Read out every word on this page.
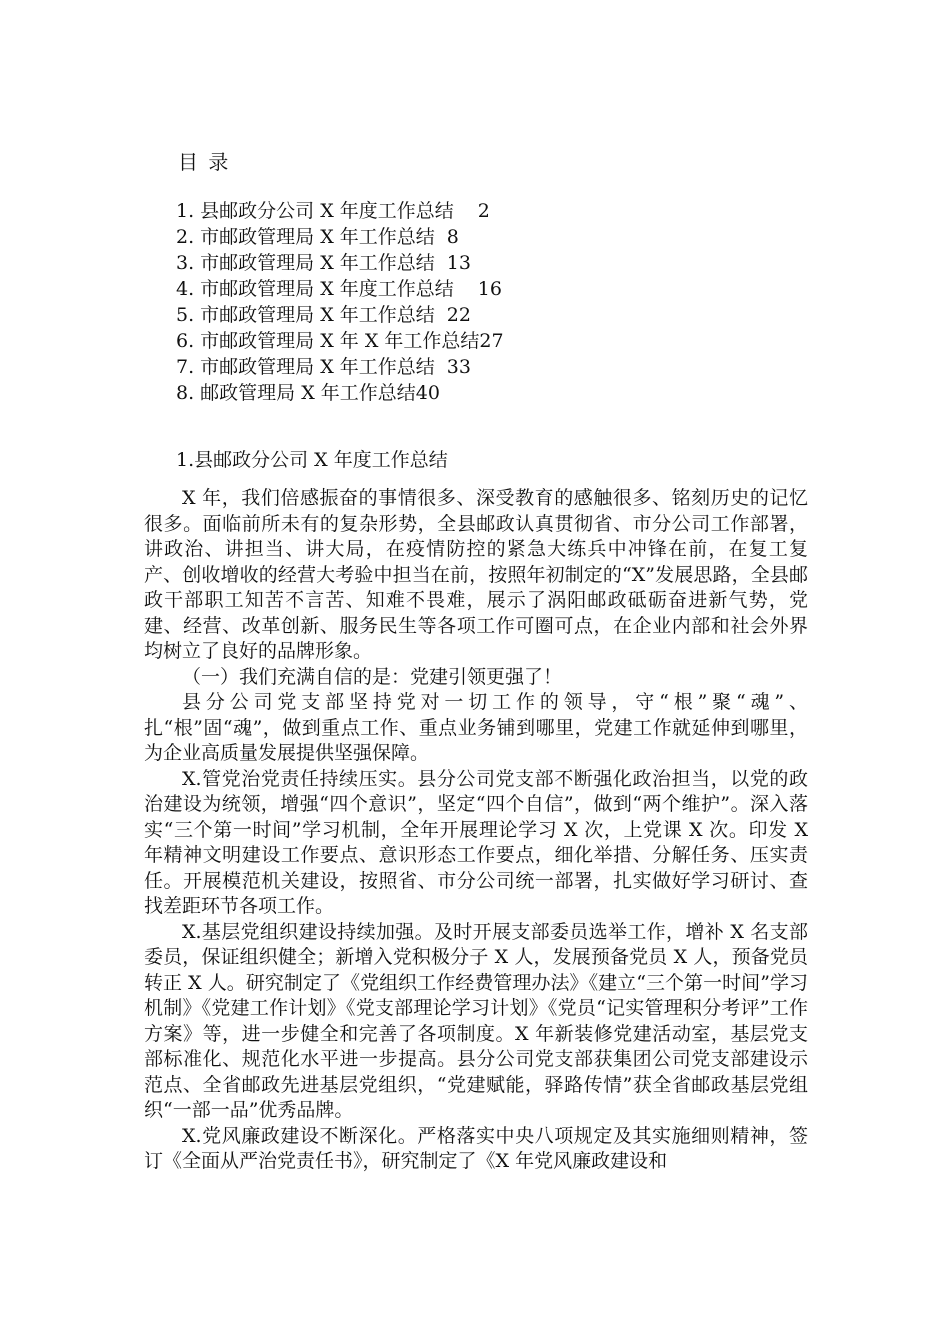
目 录
1. 县邮政分公司 X 年度工作总结 2
2. 市邮政管理局 X 年工作总结 8
3. 市邮政管理局 X 年工作总结 13
4. 市邮政管理局 X 年度工作总结 16
5. 市邮政管理局 X 年工作总结 22
6. 市邮政管理局 X 年 X 年工作总结27
7. 市邮政管理局 X 年工作总结 33
8. 邮政管理局 X 年工作总结40
1.县邮政分公司 X 年度工作总结

X 年，我们倍感振奋的事情很多、深受教育的感触很多、铭刻历史的记忆很多。面临前所未有的复杂形势，全县邮政认真贯彻省、市分公司工作部署，讲政治、讲担当、讲大局，在疫情防控的紧急大练兵中冲锋在前，在复工复产、创收增收的经营大考验中担当在前，按照年初制定的“X”发展思路，全县邮政干部职工知苦不言苦、知难不畏难，展示了涡阳邮政砥砺奋进新气势，党建、经营、改革创新、服务民生等各项工作可圈可点，在企业内部和社会外界均树立了良好的品牌形象。

（一）我们充满自信的是：党建引领更强了！

县分公司党支部坚持党对一切工作的领导，守“根”聚“魂”、扎“根”固“魂”，做到重点工作、重点业务铺到哪里，党建工作就延伸到哪里，为企业高质量发展提供坚强保障。

X.管党治党责任持续压实。县分公司党支部不断强化政治担当，以党的政治建设为统领，增强“四个意识”，坚定“四个自信”，做到“两个维护”。深入落实“三个第一时间”学习机制，全年开展理论学习 X 次，上党课 X 次。印发 X 年精神文明建设工作要点、意识形态工作要点，细化举措、分解任务、压实责任。开展模范机关建设，按照省、市分公司统一部署，扎实做好学习研讨、查找差距环节各项工作。

X.基层党组织建设持续加强。及时开展支部委员选举工作，增补 X 名支部委员，保证组织健全；新增入党积极分子 X 人，发展预备党员 X 人，预备党员转正 X 人。研究制定了《党组织工作经费管理办法》《建立“三个第一时间”学习机制》《党建工作计划》《党支部理论学习计划》《党员“记实管理积分考评”工作方案》等，进一步健全和完善了各项制度。X 年新装修党建活动室，基层党支部标准化、规范化水平进一步提高。县分公司党支部获集团公司党支部建设示范点、全省邮政先进基层党组织，“党建赋能，驿路传情”获全省邮政基层党组织“一部一品”优秀品牌。

X.党风廉政建设不断深化。严格落实中央八项规定及其实施细则精神，签订《全面从严治党责任书》，研究制定了《X 年党风廉政建设和
